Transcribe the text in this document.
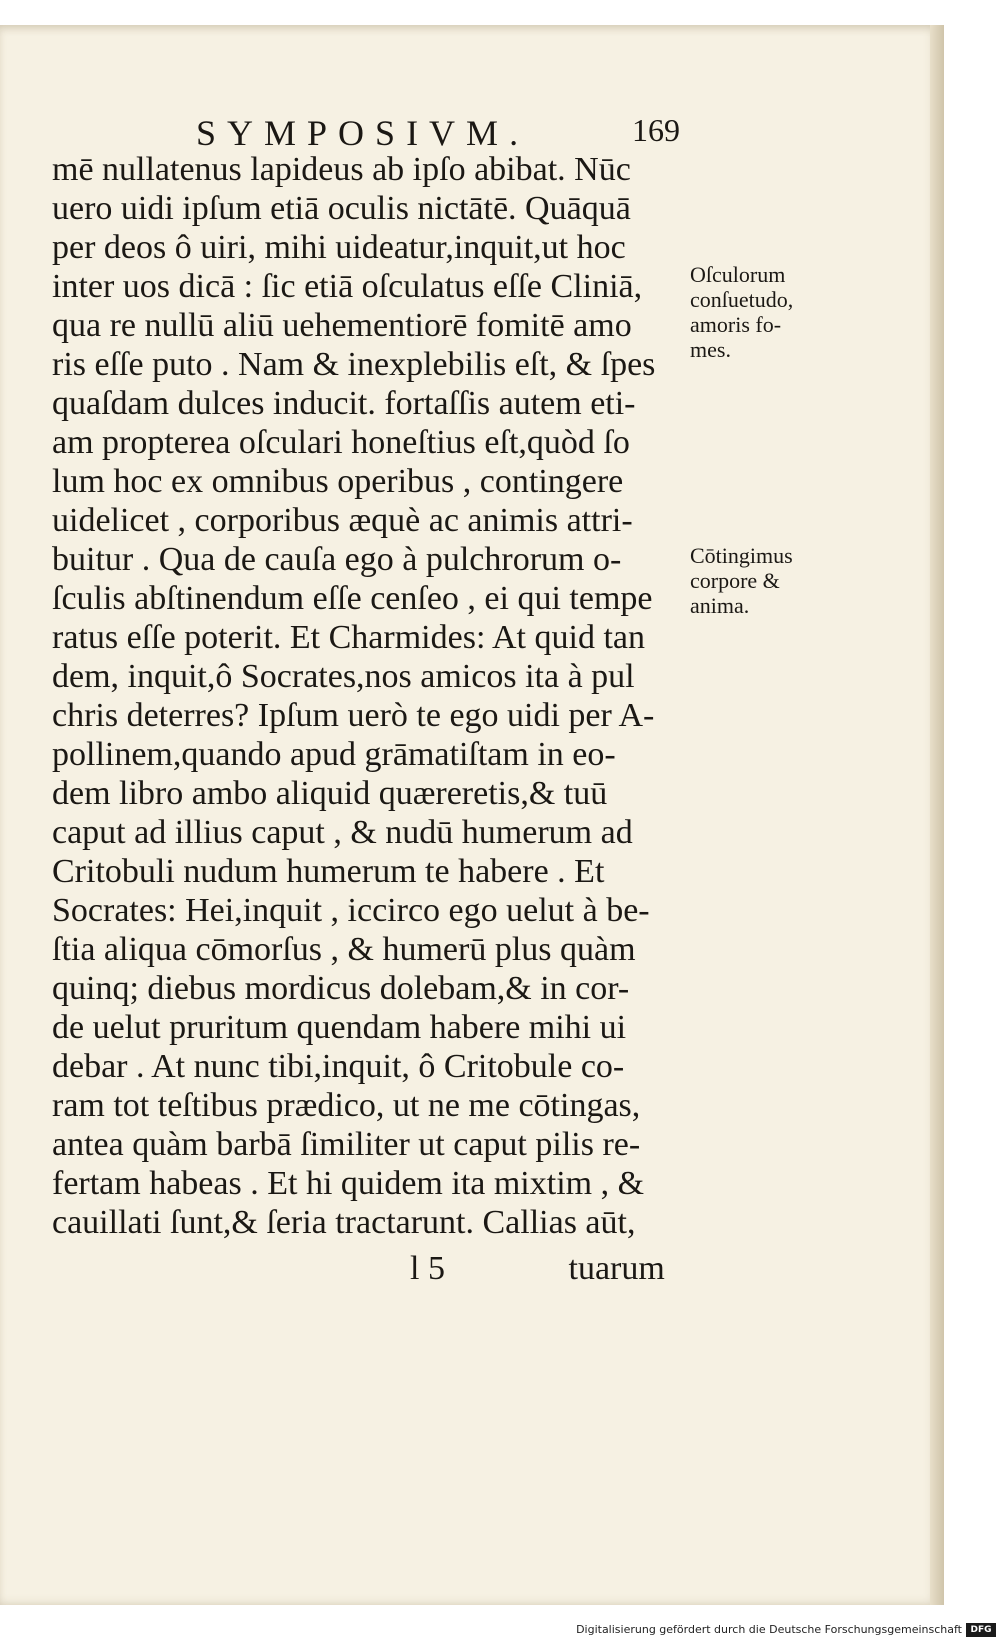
SYMPOSIVM.	169
mē nullatenus lapideus ab ipſo abibat. Nūc
uero uidi ipſum etiā oculis nictātē. Quāquā
per deos ô uiri, mihi uideatur,inquit,ut hoc
inter uos dicā : ſic etiā oſculatus eſſe Cliniā,
qua re nullū aliū uehementiorē fomitē amo
ris eſſe puto . Nam & inexplebilis eſt, & ſpes
quaſdam dulces inducit. fortaſſis autem eti-
am propterea oſculari honeſtius eſt,quòd ſo
lum hoc ex omnibus operibus , contingere
uidelicet , corporibus æquè ac animis attri-
buitur . Qua de cauſa ego à pulchrorum o-
ſculis abſtinendum eſſe cenſeo , ei qui tempe
ratus eſſe poterit. Et Charmides: At quid tan
dem, inquit,ô Socrates,nos amicos ita à pul
chris deterres? Ipſum uerò te ego uidi per A-
pollinem,quando apud grāmatiſtam in eo-
dem libro ambo aliquid quæreretis,& tuū
caput ad illius caput , & nudū humerum ad
Critobuli nudum humerum te habere . Et
Socrates: Hei,inquit , iccirco ego uelut à be-
ſtia aliqua cōmorſus , & humerū plus quàm
quinq; diebus mordicus dolebam,& in cor-
de uelut pruritum quendam habere mihi ui
debar . At nunc tibi,inquit, ô Critobule co-
ram tot teſtibus prædico, ut ne me cōtingas,
antea quàm barbā ſimiliter ut caput pilis re-
fertam habeas . Et hi quidem ita mixtim , &
cauillati ſunt,& ſeria tractarunt. Callias aūt,
l 5	tuarum
Oſculorum
conſuetudo,
amoris fo-
mes.
Cōtingimus
corpore &
anima.
Digitalisierung gefördert durch die Deutsche Forschungsgemeinschaft DFG
